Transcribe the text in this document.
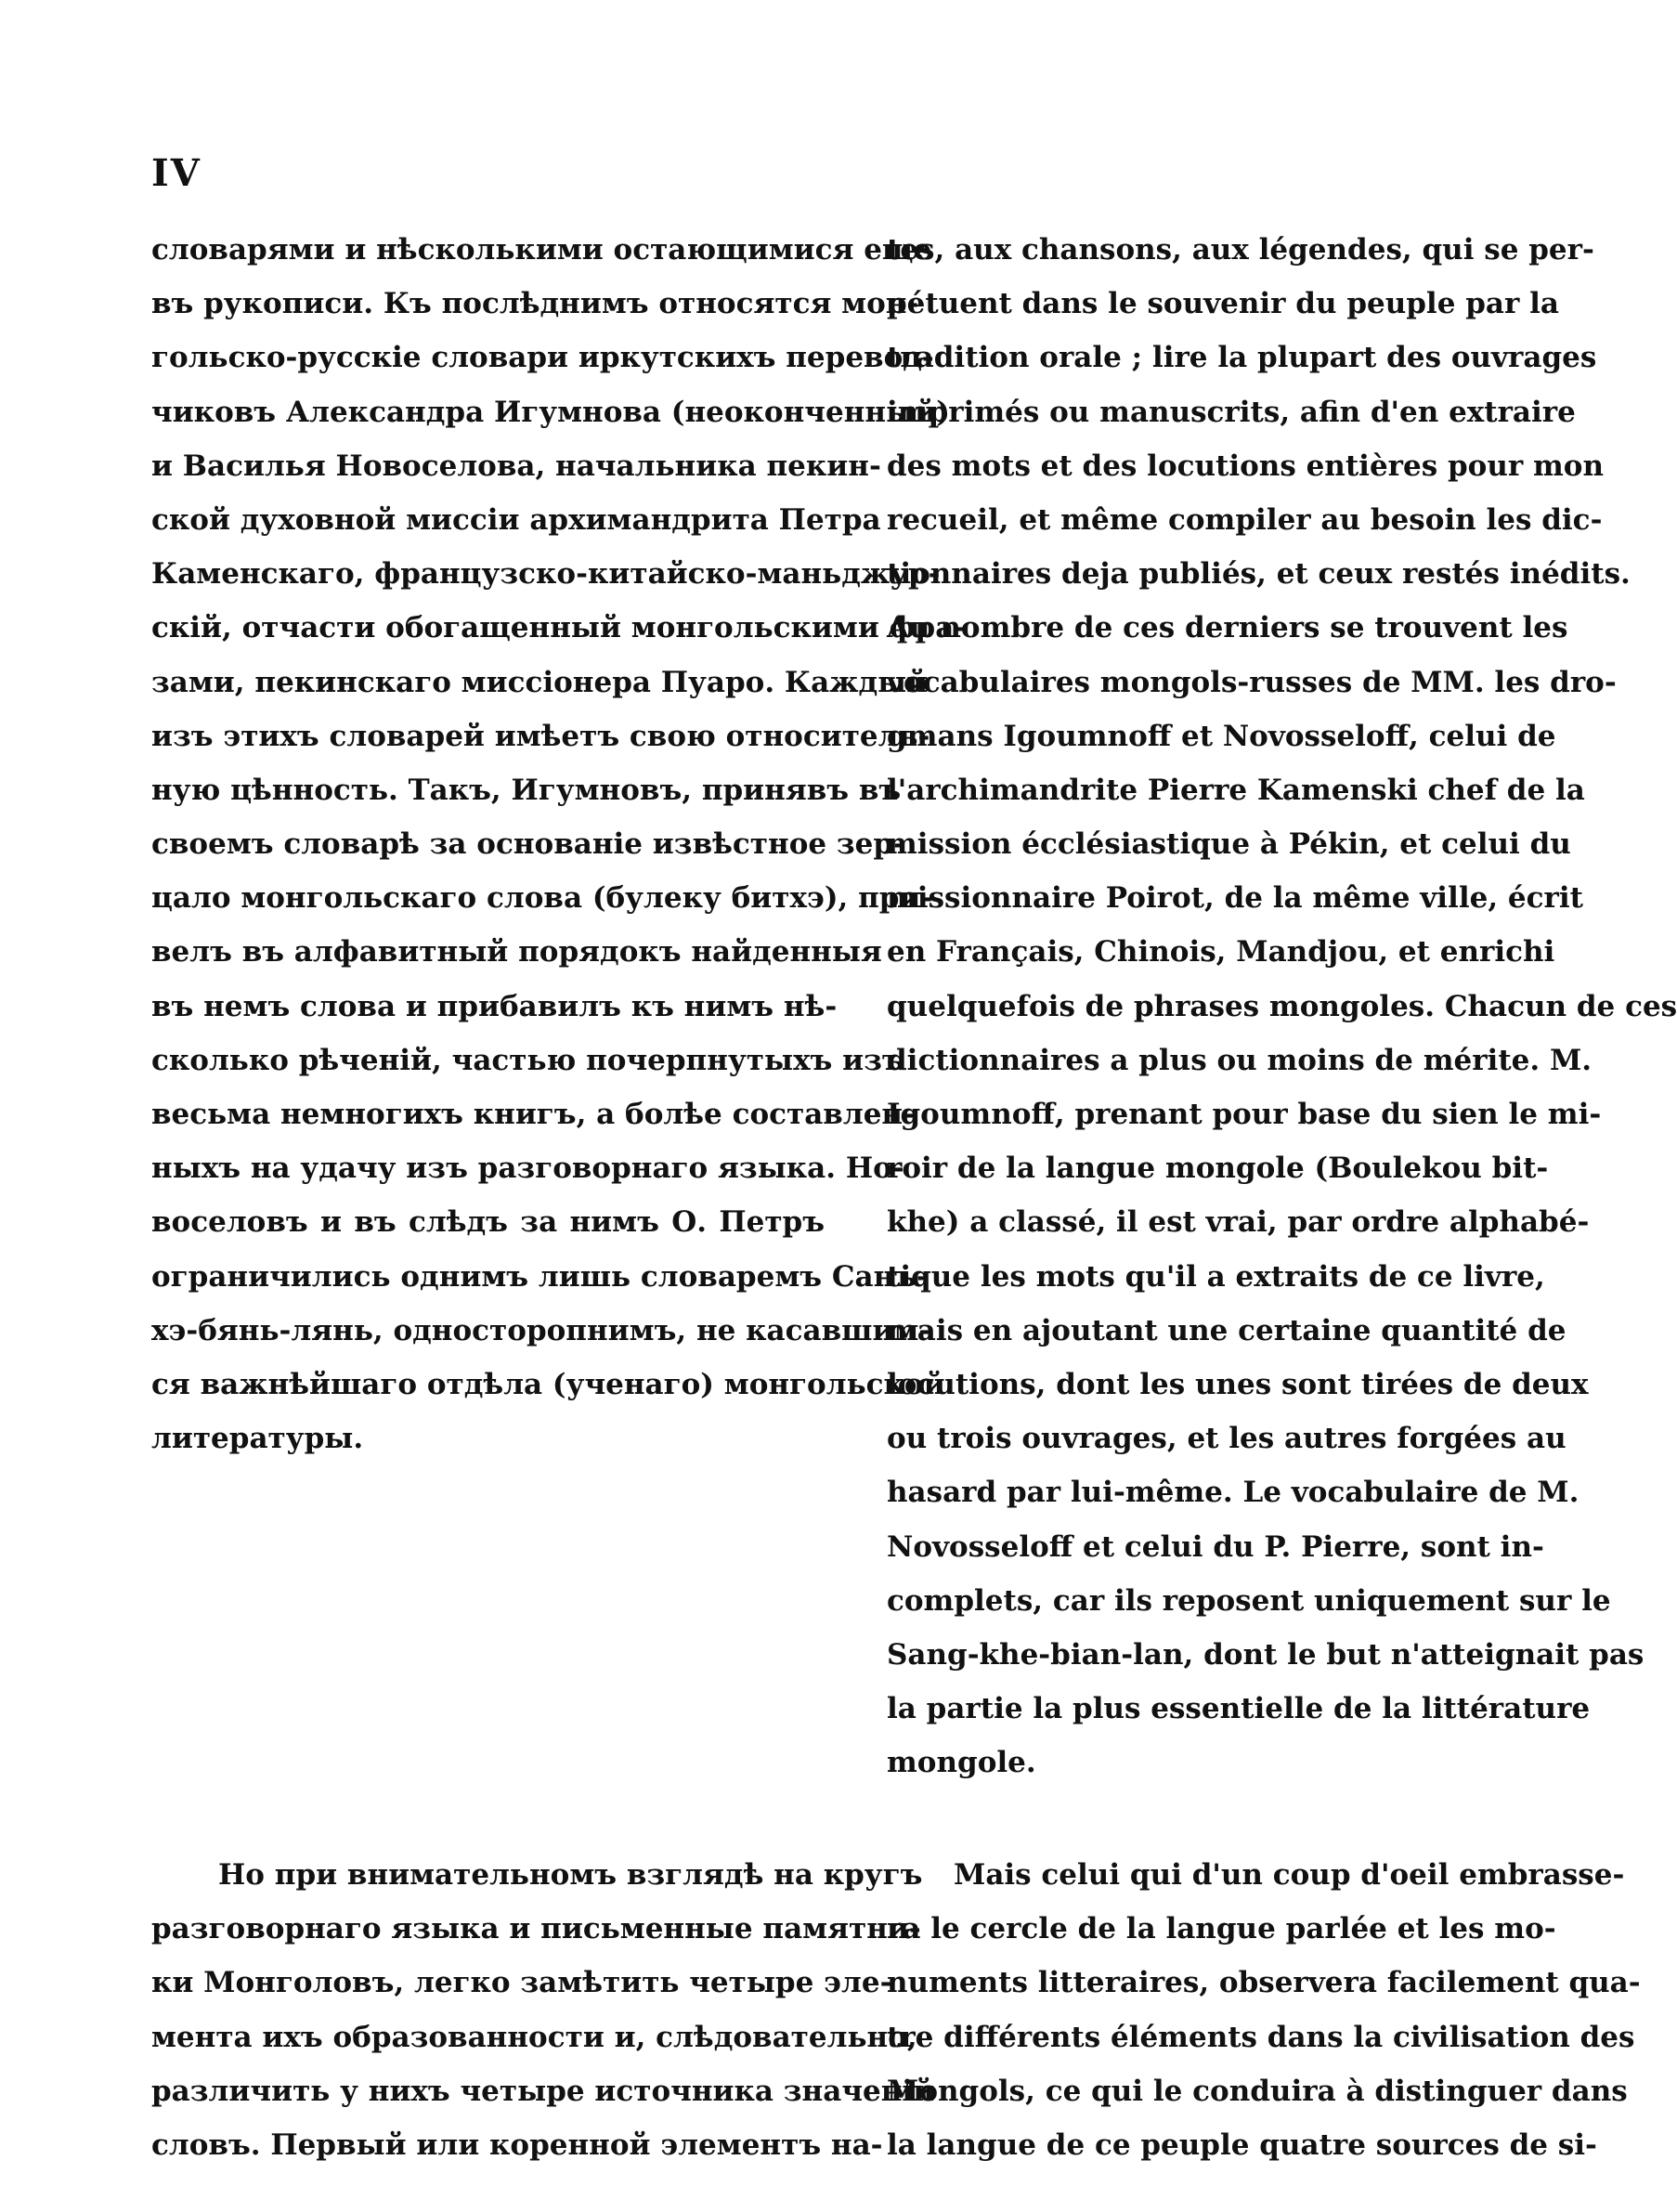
IV
словарями и нѣсколькими остающимися еще
въ рукописи. Къ послѣднимъ относятся мон-
гольско-русскіе словари иркутскихъ перевод-
чиковъ Александра Игумнова (неоконченный)
и Василья Новоселова, начальника пекин-
ской духовной миссіи архимандрита Петра
Каменскаго, французско-китайско-маньджур-
скій, отчасти обогащенный монгольскими фра-
зами, пекинскаго миссіонера Пуаро. Каждый
изъ этихъ словарей имѣетъ свою относитель-
ную цѣнность. Такъ, Игумновъ, принявъ въ
своемъ словарѣ за основаніе извѣстное зер-
цало монгольскаго слова (булеку битхэ), при-
велъ въ алфавитный порядокъ найденныя
въ немъ слова и прибавилъ къ нимъ нѣ-
сколько рѣченій, частью почерпнутыхъ изъ
весьма немногихъ книгъ, а болѣе составлен-
ныхъ на удачу изъ разговорнаго языка. Но-
воселовъ и въ слѣдъ за нимъ О. Петръ
ограничились однимъ лишь словаремъ Санъ-
хэ-бянь-лянь, односторопнимъ, не касавшим-
ся важнѣйшаго отдѣла (ученаго) монгольской
литературы.
tes, aux chansons, aux légendes, qui se per-
pétuent dans le souvenir du peuple par la
tradition orale ; lire la plupart des ouvrages
imprimés ou manuscrits, afin d'en extraire
des mots et des locutions entières pour mon
recueil, et même compiler au besoin les dic-
tionnaires deja publiés, et ceux restés inédits.
Au nombre de ces derniers se trouvent les
vocabulaires mongols-russes de MM. les dro-
gmans Igoumnoff et Novosseloff, celui de
l'archimandrite Pierre Kamenski chef de la
mission écclésiastique à Pékin, et celui du
missionnaire Poirot, de la même ville, écrit
en Français, Chinois, Mandjou, et enrichi
quelquefois de phrases mongoles. Chacun de ces
dictionnaires a plus ou moins de mérite. M.
Igoumnoff, prenant pour base du sien le mi-
roir de la langue mongole (Boulekou bit-
khe) a classé, il est vrai, par ordre alphabé-
tique les mots qu'il a extraits de ce livre,
mais en ajoutant une certaine quantité de
locutions, dont les unes sont tirées de deux
ou trois ouvrages, et les autres forgées au
hasard par lui-même. Le vocabulaire de M.
Novosseloff et celui du P. Pierre, sont in-
complets, car ils reposent uniquement sur le
Sang-khe-bian-lan, dont le but n'atteignait pas
la partie la plus essentielle de la littérature
mongole.
Но при внимательномъ взглядѣ на кругъ
разговорнаго языка и письменные памятни-
ки Монголовъ, легко замѣтить четыре эле-
мента ихъ образованности и, слѣдовательно,
различить у нихъ четыре источника значеній
словъ. Первый или коренной элементъ на-
Mais celui qui d'un coup d'oeil embrasse-
ra le cercle de la langue parlée et les mo-
numents litteraires, observera facilement qua-
tre différents éléments dans la civilisation des
Mongols, ce qui le conduira à distinguer dans
la langue de ce peuple quatre sources de si-
